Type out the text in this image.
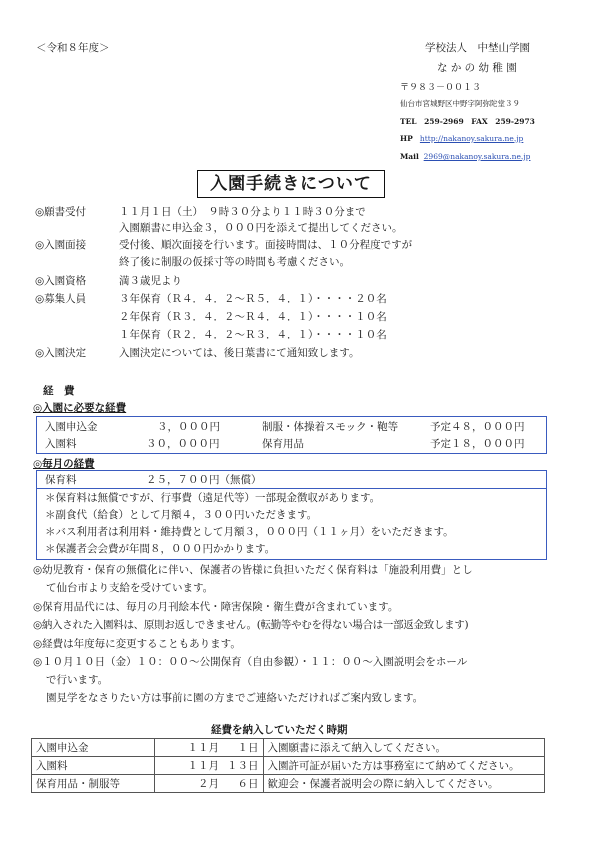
＜令和８年度＞	学校法人　中埜山学園
な か の 幼 稚 園
〒９８３－００１３
仙台市宮城野区中野字阿弥陀堂３９
TEL　259-2969　FAX　259-2973
HP http://nakanoy.sakura.ne.jp
Mail 2969@nakanoy.sakura.ne.jp
入園手続きについて
◎願書受付	１１月１日（土）　９時３０分より１１時３０分まで
入園願書に申込金３，０００円を添えて提出してください。
◎入園面接	受付後、順次面接を行います。面接時間は、１０分程度ですが
終了後に制服の仮採寸等の時間も考慮ください。
◎入園資格	満３歳児より
◎募集人員	３年保育（Ｒ４．４．２～Ｒ５．４．１）・・・・２０名
２年保育（Ｒ３．４．２～Ｒ４．４．１）・・・・１０名
１年保育（Ｒ２．４．２～Ｒ３．４．１）・・・・１０名
◎入園決定	入園決定については、後日葉書にて通知致します。
経　費
◎入園に必要な経費
入園申込金	３，０００円	制服・体操着スモック・鞄等	予定４８，０００円
入園料	３０，０００円	保育用品	予定１８，０００円
◎毎月の経費
保育料	２５，７００円（無償）
＊保育料は無償ですが、行事費（遠足代等）一部現金徴収があります。
＊副食代（給食）として月額４，３００円いただきます。
＊バス利用者は利用料・維持費として月額３，０００円（１１ヶ月）をいただきます。
＊保護者会会費が年間８，０００円かかります。
◎幼児教育・保育の無償化に伴い、保護者の皆様に負担いただく保育料は「施設利用費」とし
て仙台市より支給を受けています。
◎保育用品代には、毎月の月刊絵本代・障害保険・衛生費が含まれています。
◎納入された入園料は、原則お返しできません。(転勤等やむを得ない場合は一部返金致します)
◎経費は年度毎に変更することもあります。
◎１０月１０日（金）１０：００～公開保育（自由参観）・１１：００～入園説明会をホール
で行います。
園見学をなさりたい方は事前に園の方までご連絡いただければご案内致します。
経費を納入していただく時期
入園申込金	１１月	１日	入園願書に添えて納入してください。
入園料	１１月	１３日	入園許可証が届いた方は事務室にて納めてください。
保育用品・制服等	２月	６日	歓迎会・保護者説明会の際に納入してください。
